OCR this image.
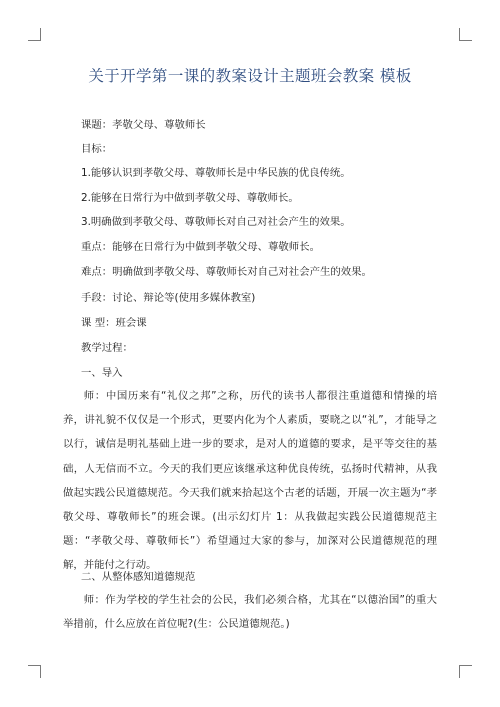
关于开学第一课的教案设计主题班会教案 模板
课题：孝敬父母、尊敬师长
目标：
1.能够认识到孝敬父母、尊敬师长是中华民族的优良传统。
2.能够在日常行为中做到孝敬父母、尊敬师长。
3.明确做到孝敬父母、尊敬师长对自己对社会产生的效果。
重点：能够在日常行为中做到孝敬父母、尊敬师长。
难点：明确做到孝敬父母、尊敬师长对自己对社会产生的效果。
手段：讨论、辩论等(使用多媒体教室)
课 型：班会课
教学过程：
一、导入

师：中国历来有“礼仪之邦”之称，历代的读书人都很注重道德和情操的培养，讲礼貌不仅仅是一个形式，更要内化为个人素质，要晓之以“礼”，才能导之以行，诚信是明礼基础上进一步的要求，是对人的道德的要求，是平等交往的基础，人无信而不立。今天的我们更应该继承这种优良传统，弘扬时代精神，从我做起实践公民道德规范。今天我们就来拾起这个古老的话题，开展一次主题为“孝敬父母、尊敬师长”的班会课。(出示幻灯片 1：从我做起实践公民道德规范主题：“孝敬父母、尊敬师长”）希望通过大家的参与，加深对公民道德规范的理解，并能付之行动。

二、从整体感知道德规范

师：作为学校的学生社会的公民，我们必须合格，尤其在“以德治国”的重大举措前，什么应放在首位呢?(生：公民道德规范。)
